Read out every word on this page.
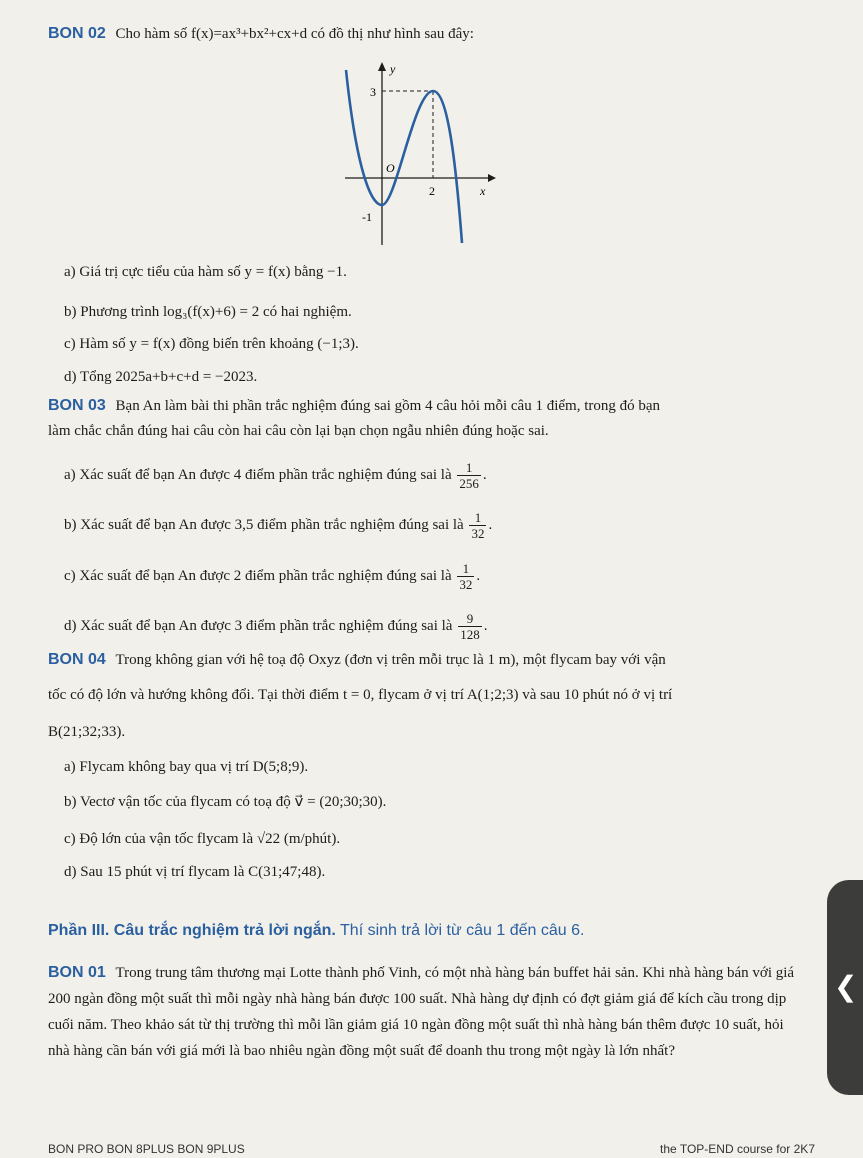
BON 02 Cho hàm số f(x)=ax³+bx²+cx+d có đồ thị như hình sau đây:
y
x
O
3
2
-1
a) Giá trị cực tiểu của hàm số y = f(x) bằng −1.
b) Phương trình log₃(f(x)+6) = 2 có hai nghiệm.
c) Hàm số y = f(x) đồng biến trên khoảng (−1;3).
d) Tổng 2025a+b+c+d = −2023.
BON 03 Bạn An làm bài thi phần trắc nghiệm đúng sai gồm 4 câu hỏi mỗi câu 1 điểm, trong đó bạn
làm chắc chắn đúng hai câu còn hai câu còn lại bạn chọn ngẫu nhiên đúng hoặc sai.
a) Xác suất để bạn An được 4 điểm phần trắc nghiệm đúng sai là $\frac{1}{256}$ .
b) Xác suất để bạn An được 3,5 điểm phần trắc nghiệm đúng sai là $\frac{1}{32}$ .
c) Xác suất để bạn An được 2 điểm phần trắc nghiệm đúng sai là $\frac{1}{32}$ .
d) Xác suất để bạn An được 3 điểm phần trắc nghiệm đúng sai là $\frac{9}{128}$ .
BON 04 Trong không gian với hệ toạ độ Oxyz (đơn vị trên mỗi trục là 1 m), một flycam bay với vận
tốc có độ lớn và hướng không đổi. Tại thời điểm t = 0, flycam ở vị trí A(1;2;3) và sau 10 phút nó ở vị trí
B(21;32;33).
a) Flycam không bay qua vị trí D(5;8;9).
b) Vectơ vận tốc của flycam có toạ độ v⃗ = (20;30;30).
c) Độ lớn của vận tốc flycam là √22 (m/phút).
d) Sau 15 phút vị trí flycam là C(31;47;48).
Phần III. Câu trắc nghiệm trả lời ngắn. Thí sinh trả lời từ câu 1 đến câu 6.
BON 01 Trong trung tâm thương mại Lotte thành phố Vinh, có một nhà hàng bán buffet hải sản. Khi nhà hàng bán với giá 200 ngàn đồng một suất thì mỗi ngày nhà hàng bán được 100 suất. Nhà hàng dự định có đợt giảm giá để kích cầu trong dịp cuối năm. Theo khảo sát từ thị trường thì mỗi lần giảm giá 10 ngàn đồng một suất thì nhà hàng bán thêm được 10 suất, hỏi nhà hàng cần bán với giá mới là bao nhiêu ngàn đồng một suất để doanh thu trong một ngày là lớn nhất?
❮
BON PRO BON 8PLUS BON 9PLUS	the TOP-END course for 2K7
